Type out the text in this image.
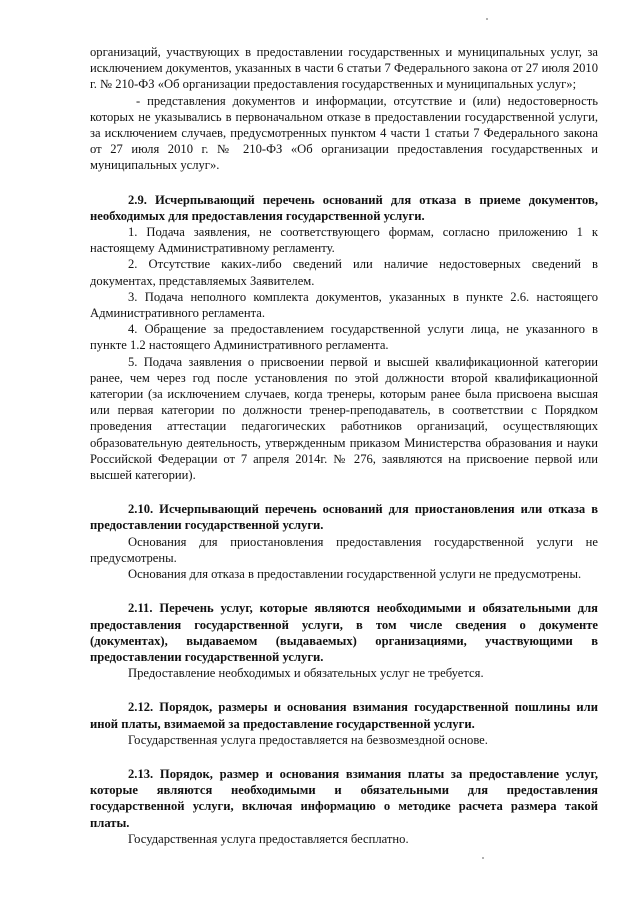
организаций, участвующих в предоставлении государственных и муниципальных услуг, за исключением документов, указанных в части 6 статьи 7 Федерального закона от 27 июля 2010 г. № 210-ФЗ «Об организации предоставления государственных и муниципальных услуг»;

- представления документов и информации, отсутствие и (или) недостоверность которых не указывались в первоначальном отказе в предоставлении государственной услуги, за исключением случаев, предусмотренных пунктом 4 части 1 статьи 7 Федерального закона от 27 июля 2010 г. № 210-ФЗ «Об организации предоставления государственных и муниципальных услуг».

2.9. Исчерпывающий перечень оснований для отказа в приеме документов, необходимых для предоставления государственной услуги.

1. Подача заявления, не соответствующего формам, согласно приложению 1 к настоящему Административному регламенту.

2. Отсутствие каких-либо сведений или наличие недостоверных сведений в документах, представляемых Заявителем.

3. Подача неполного комплекта документов, указанных в пункте 2.6. настоящего Административного регламента.

4. Обращение за предоставлением государственной услуги лица, не указанного в пункте 1.2 настоящего Административного регламента.

5. Подача заявления о присвоении первой и высшей квалификационной категории ранее, чем через год после установления по этой должности второй квалификационной категории (за исключением случаев, когда тренеры, которым ранее была присвоена высшая или первая категории по должности тренер-преподаватель, в соответствии с Порядком проведения аттестации педагогических работников организаций, осуществляющих образовательную деятельность, утвержденным приказом Министерства образования и науки Российской Федерации от 7 апреля 2014г. № 276, заявляются на присвоение первой или высшей категории).

2.10. Исчерпывающий перечень оснований для приостановления или отказа в предоставлении государственной услуги.

Основания для приостановления предоставления государственной услуги не предусмотрены.

Основания для отказа в предоставлении государственной услуги не предусмотрены.

2.11. Перечень услуг, которые являются необходимыми и обязательными для предоставления государственной услуги, в том числе сведения о документе (документах), выдаваемом (выдаваемых) организациями, участвующими в предоставлении государственной услуги.

Предоставление необходимых и обязательных услуг не требуется.

2.12. Порядок, размеры и основания взимания государственной пошлины или иной платы, взимаемой за предоставление государственной услуги.

Государственная услуга предоставляется на безвозмездной основе.

2.13. Порядок, размер и основания взимания платы за предоставление услуг, которые являются необходимыми и обязательными для предоставления государственной услуги, включая информацию о методике расчета размера такой платы.

Государственная услуга предоставляется бесплатно.
